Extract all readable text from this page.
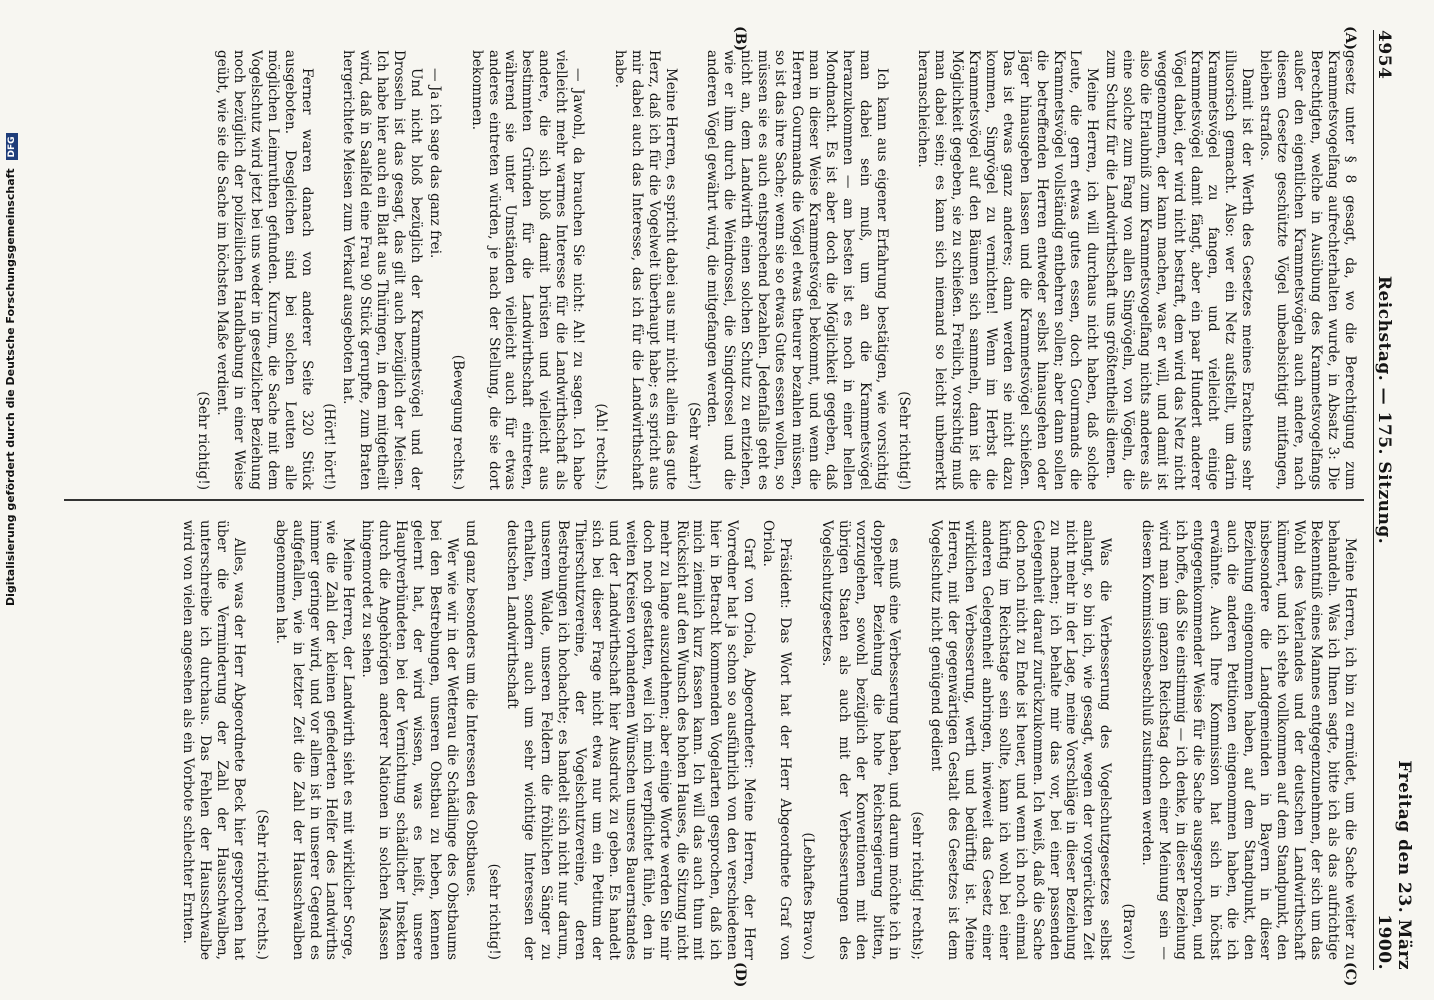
4954
Reichstag. — 175. Sitzung.
Freitag den 23. März 1900.
(A)
(B)
(C)
(D)

gesetz unter § 8 gesagt, da, wo die Berechtigung zum Krammetsvogelfang aufrechterhalten wurde, in Absatz 3: Die Berechtigten, welche in Ausübung des Krammetsvogelfangs außer den eigentlichen Krammetsvögeln auch andere, nach diesem Gesetze geschützte Vögel unbeabsichtigt mitfangen, bleiben straflos.

Damit ist der Werth des Gesetzes meines Erachtens sehr illusorisch gemacht. Also: wer ein Netz aufstellt, um darin Krammetsvögel zu fangen, und vielleicht einige Krammetsvögel damit fängt, aber ein paar Hundert anderer Vögel dabei, der wird nicht bestraft, dem wird das Netz nicht weggenommen, der kann machen, was er will, und damit ist also die Erlaubniß zum Krammetsvogelfang nichts anderes als eine solche zum Fang von allen Singvögeln, von Vögeln, die zum Schutz für die Landwirthschaft uns größtentheils dienen.

Meine Herren, ich will durchaus nicht haben, daß solche Leute, die gern etwas gutes essen, doch Gourmands die Krammetsvögel vollständig entbehren sollen; aber dann sollen die betreffenden Herren entweder selbst hinausgehen oder Jäger hinausgeben lassen und die Krammetsvögel schießen. Das ist etwas ganz anderes; dann werden sie nicht dazu kommen, Singvögel zu vernichten! Wenn im Herbst die Krammetsvögel auf den Bäumen sich sammeln, dann ist die Möglichkeit gegeben, sie zu schießen. Freilich, vorsichtig muß man dabei sein; es kann sich niemand so leicht unbemerkt heranschleichen.

(Sehr richtig!)

Ich kann aus eigener Erfahrung bestätigen, wie vorsichtig man dabei sein muß, um an die Krammetsvögel heranzukommen — am besten ist es noch in einer hellen Mondnacht. Es ist aber doch die Möglichkeit gegeben, daß man in dieser Weise Krammetsvögel bekommt, und wenn die Herren Gourmands die Vögel etwas theurer bezahlen müssen, so ist das ihre Sache; wenn sie so etwas Gutes essen wollen, so müssen sie es auch entsprechend bezahlen. Jedenfalls geht es nicht an, dem Landwirth einen solchen Schutz zu entziehen, wie er ihm durch die Weindrossel, die Singdrossel und die anderen Vögel gewährt wird, die mitgefangen werden.

(Sehr wahr!)

Meine Herren, es spricht dabei aus mir nicht allein das gute Herz, daß ich für die Vogelwelt überhaupt habe; es spricht aus mir dabei auch das Interesse, das ich für die Landwirthschaft habe.

(Ah! rechts.)

— Jawohl, da brauchen Sie nicht: Ah! zu sagen. Ich habe vielleicht mehr warmes Interesse für die Landwirthschaft als andere, die sich bloß damit brüsten und vielleicht aus bestimmten Gründen für die Landwirthschaft eintreten, während sie unter Umständen vielleicht auch für etwas anderes eintreten würden, je nach der Stellung, die sie dort bekommen.

(Bewegung rechts.)

— Ja ich sage das ganz frei.

Und nicht bloß bezüglich der Krammetsvögel und der Drosseln ist das gesagt, das gilt auch bezüglich der Meisen. Ich habe hier auch ein Blatt aus Thüringen, in dem mitgetheilt wird, daß in Saalfeld eine Frau 90 Stück gerupfte, zum Braten hergerichtete Meisen zum Verkauf ausgeboten hat.

(Hört! hört!)

Ferner waren danach von anderer Seite 320 Stück ausgeboten. Desgleichen sind bei solchen Leuten alle möglichen Leimruthen gefunden. Kurzum, die Sache mit dem Vogelschutz wird jetzt bei uns weder in gesetzlicher Beziehung noch bezüglich der polizeilichen Handhabung in einer Weise geübt, wie sie die Sache im höchsten Maße verdient.

(Sehr richtig!)

Meine Herren, ich bin zu ermüdet, um die Sache weiter zu behandeln. Was ich Ihnen sagte, bitte ich als das aufrichtige Bekenntniß eines Mannes entgegenzunehmen, der sich um das Wohl des Vaterlandes und der deutschen Landwirthschaft kümmert, und ich stehe vollkommen auf dem Standpunkt, den insbesondere die Landgemeinden in Bayern in dieser Beziehung eingenommen haben, auf dem Standpunkt, den auch die anderen Petitionen eingenommen haben, die ich erwähnte. Auch Ihre Kommission hat sich in höchst entgegenkommender Weise für die Sache ausgesprochen, und ich hoffe, daß Sie einstimmig — ich denke, in dieser Beziehung wird man im ganzen Reichstag doch einer Meinung sein — diesem Kommissionsbeschluß zustimmen werden.

(Bravo!)

Was die Verbesserung des Vogelschutzgesetzes selbst anlangt, so bin ich, wie gesagt, wegen der vorgerückten Zeit nicht mehr in der Lage, meine Vorschläge in dieser Beziehung zu machen; ich behalte mir das vor, bei einer passenden Gelegenheit darauf zurückzukommen. Ich weiß, daß die Sache doch noch nicht zu Ende ist heuer, und wenn ich noch einmal künftig im Reichstage sein sollte, kann ich wohl bei einer anderen Gelegenheit anbringen, inwieweit das Gesetz einer wirklichen Verbesserung, werth und bedürftig ist. Meine Herren, mit der gegenwärtigen Gestalt des Gesetzes ist dem Vogelschutz nicht genügend gedient

(sehr richtig! rechts);

es muß eine Verbesserung haben, und darum möchte ich in doppelter Beziehung die hohe Reichsregierung bitten, vorzugehen, sowohl bezüglich der Konventionen mit den übrigen Staaten als auch mit der Verbesserungen des Vogelschutzgesetzes.

(Lebhaftes Bravo.)

Präsident: Das Wort hat der Herr Abgeordnete Graf von Oriola.

Graf von Oriola, Abgeordneter: Meine Herren, der Herr Vorredner hat ja schon so ausführlich von den verschiedenen hier in Betracht kommenden Vogelarten gesprochen, daß ich mich ziemlich kurz fassen kann. Ich will das auch thun mit Rücksicht auf den Wunsch des hohen Hauses, die Sitzung nicht mehr zu lange auszudehnen; aber einige Worte werden Sie mir doch noch gestatten, weil ich mich verpflichtet fühle, den in weiten Kreisen vorhandenen Wünschen unseres Bauernstandes und der Landwirthschaft hier Ausdruck zu geben. Es handelt sich bei dieser Frage nicht etwa nur um ein Petitum der Thierschutzvereine, der Vogelschutzvereine, deren Bestrebungen ich hochachte; es handelt sich nicht nur darum, unserem Walde, unseren Feldern die fröhlichen Sänger zu erhalten, sondern auch um sehr wichtige Interessen der deutschen Landwirthschaft

(sehr richtig!)

und ganz besonders um die Interessen des Obstbaues.

Wer wie wir in der Wetterau die Schädlinge des Obstbaums bei den Bestrebungen, unseren Obstbau zu heben, kennen gelernt hat, der wird wissen, was es heißt, unsere Hauptverbündeten bei der Vernichtung schädlicher Insekten durch die Angehörigen anderer Nationen in solchen Massen hingemordet zu sehen.

Meine Herren, der Landwirth sieht es mit wirklicher Sorge, wie die Zahl der kleinen gefiederten Helfer des Landwirths immer geringer wird, und vor allem ist in unserer Gegend es aufgefallen, wie in letzter Zeit die Zahl der Hausschwalben abgenommen hat.

(Sehr richtig! rechts.)

Alles, was der Herr Abgeordnete Beck hier gesprochen hat über die Verminderung der Zahl der Hausschwalben, unterschreibe ich durchaus. Das Fehlen der Hausschwalbe wird von vielen angesehen als ein Vorbote schlechter Ernten.

Digitalisierung gefördert durch die Deutsche Forschungsgemeinschaft DFG
